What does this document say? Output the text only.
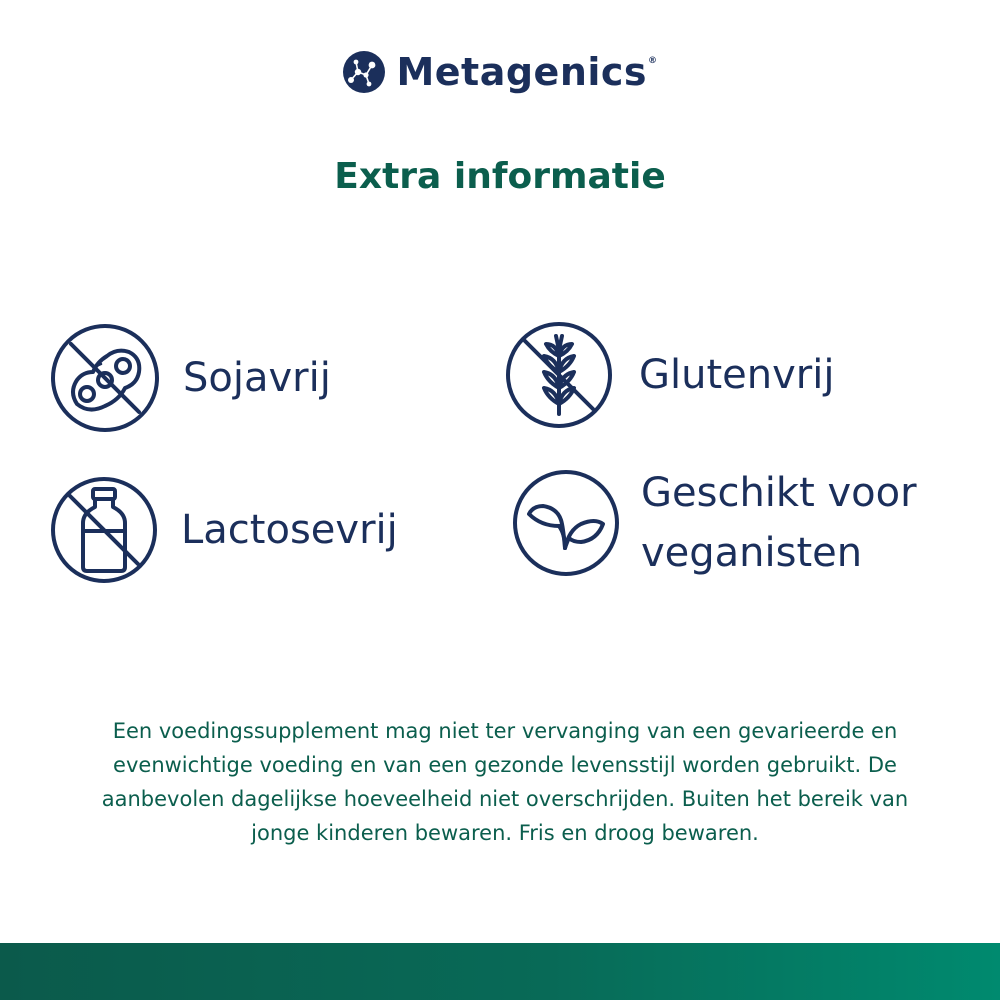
Metagenics®
Extra informatie
Sojavrij	Glutenvrij
Lactosevrij
Geschikt voor
veganisten
Een voedingssupplement mag niet ter vervanging van een gevarieerde en evenwichtige voeding en van een gezonde levensstijl worden gebruikt. De aanbevolen dagelijkse hoeveelheid niet overschrijden. Buiten het bereik van jonge kinderen bewaren. Fris en droog bewaren.
